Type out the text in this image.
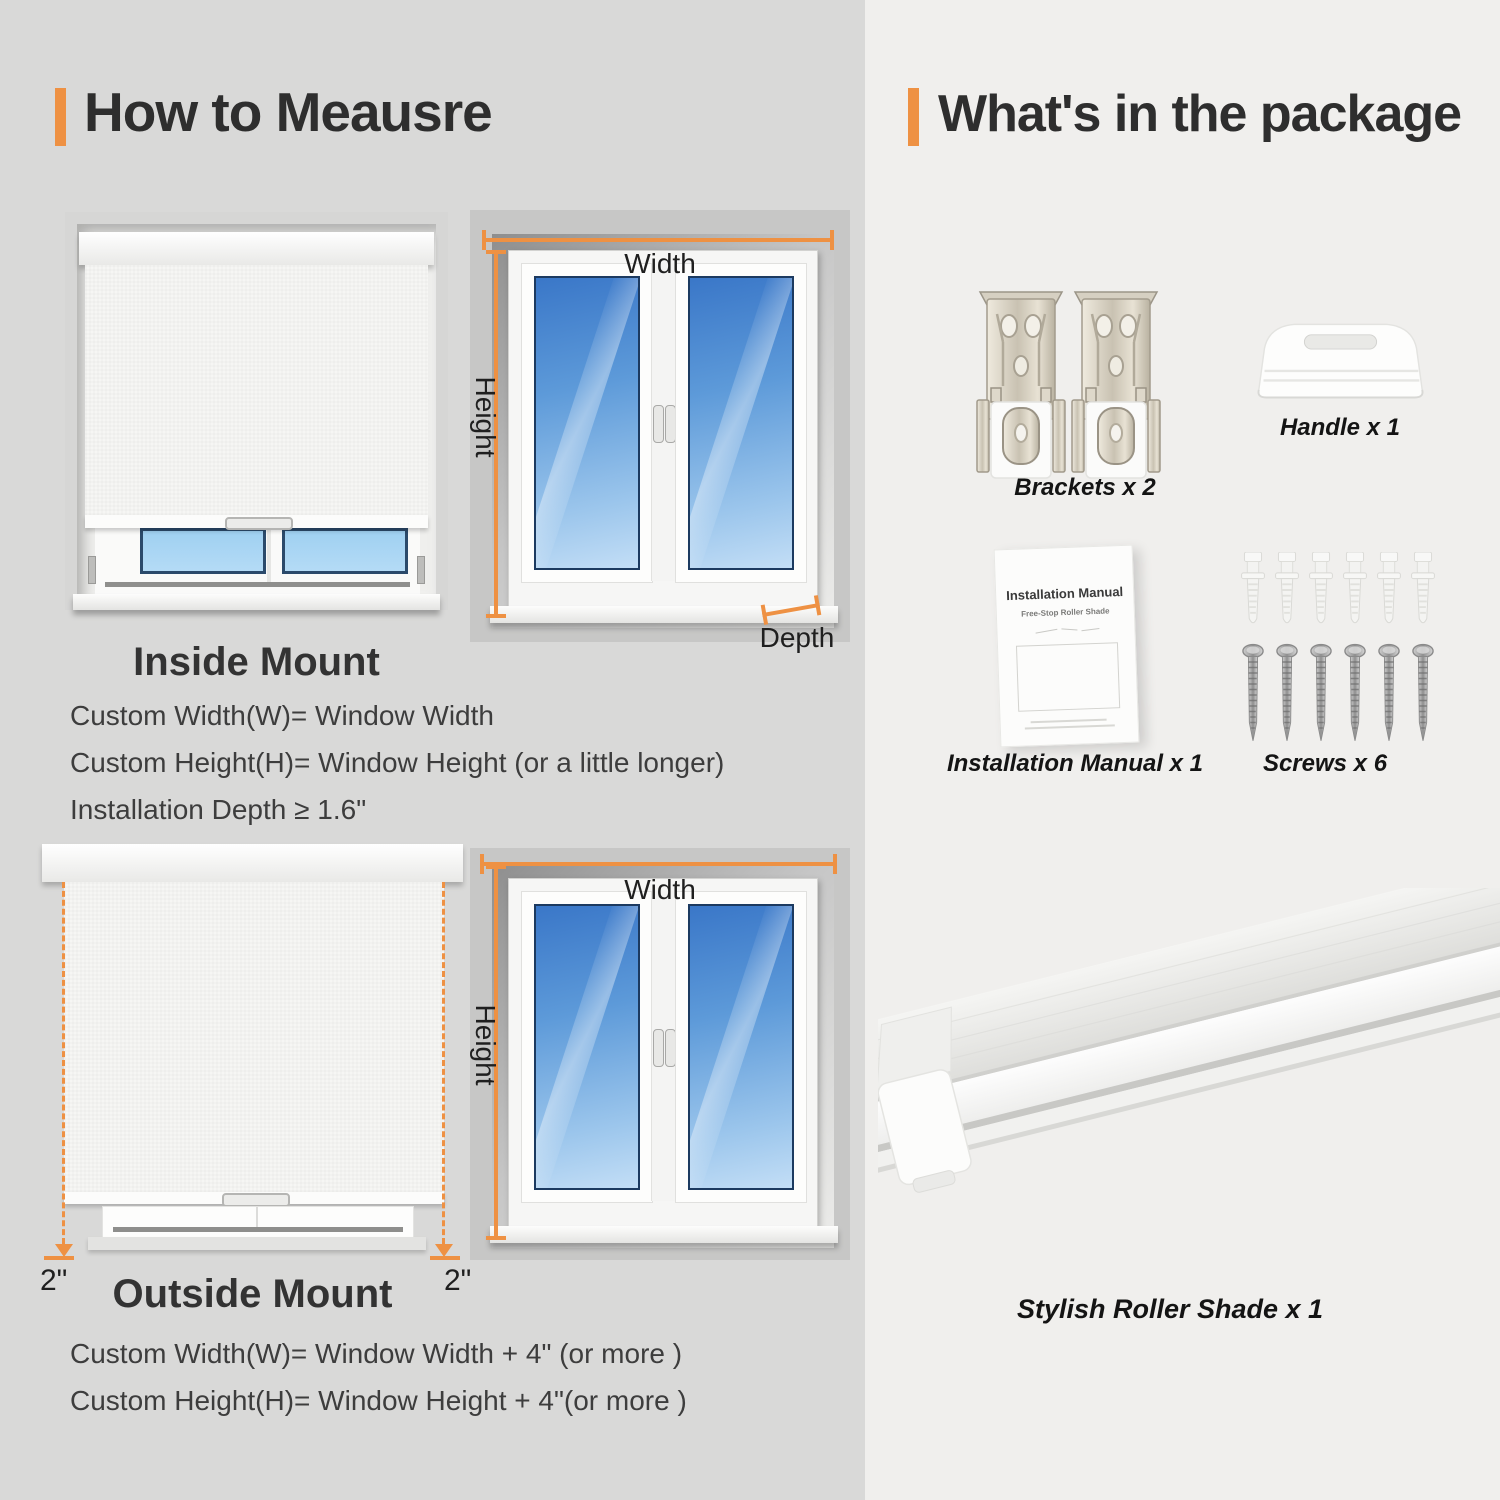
How to Meausre
Width
Height
Depth
Inside Mount
Custom Width(W)= Window Width
Custom Height(H)= Window Height (or a little longer)
Installation Depth ≥ 1.6"
2"	2"
Width
Height
Outside Mount
Custom Width(W)= Window Width + 4" (or more )
Custom Height(H)= Window Height + 4"(or more )
What's in the package
Brackets x 2
Handle x 1
Installation Manual
Free-Stop Roller Shade
Installation Manual x 1	Screws x 6
Stylish Roller Shade x 1
